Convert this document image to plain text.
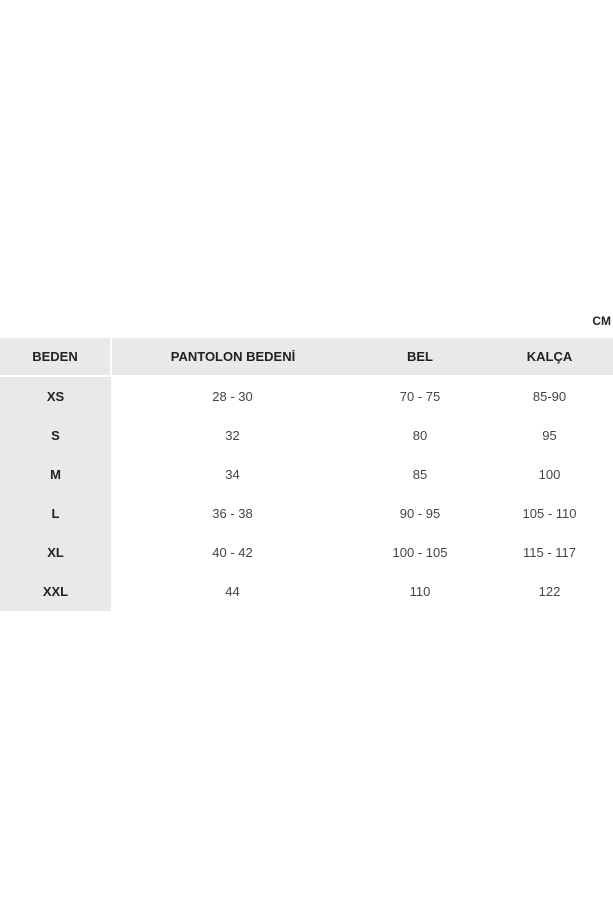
CM
BEDEN	PANTOLON BEDENİ	BEL	KALÇA
XS	28 - 30	70 - 75	85-90
S	32	80	95
M	34	85	100
L	36 - 38	90 - 95	105 - 110
XL	40 - 42	100 - 105	115 - 117
XXL	44	110	122
